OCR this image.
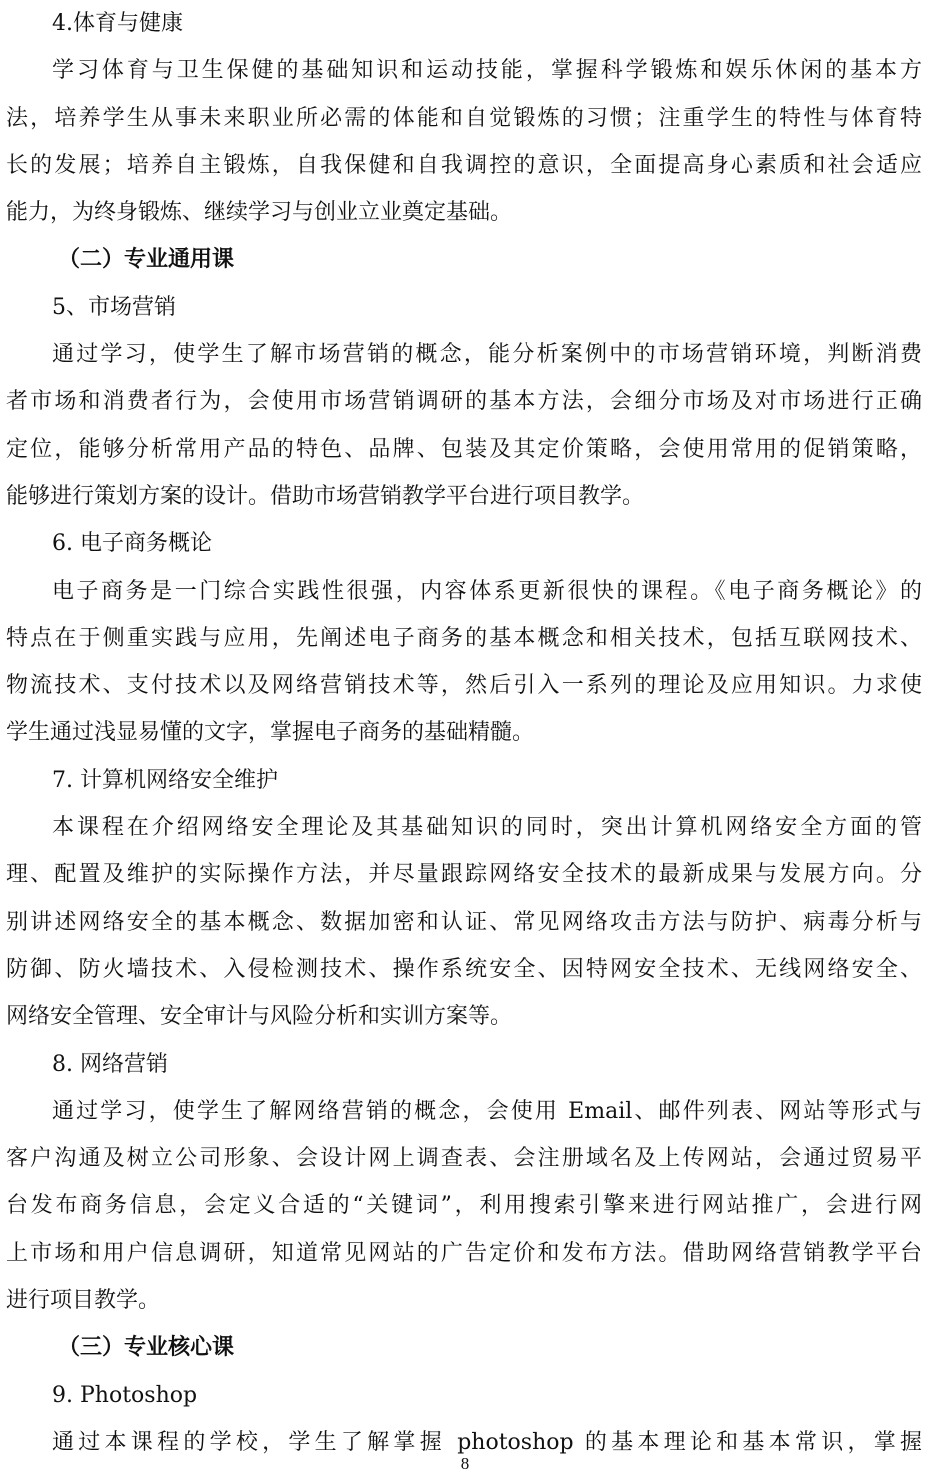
4.体育与健康
学习体育与卫生保健的基础知识和运动技能，掌握科学锻炼和娱乐休闲的基本方
法，培养学生从事未来职业所必需的体能和自觉锻炼的习惯；注重学生的特性与体育特
长的发展；培养自主锻炼，自我保健和自我调控的意识，全面提高身心素质和社会适应
能力，为终身锻炼、继续学习与创业立业奠定基础。
（二）专业通用课
5、市场营销
通过学习，使学生了解市场营销的概念，能分析案例中的市场营销环境，判断消费
者市场和消费者行为，会使用市场营销调研的基本方法，会细分市场及对市场进行正确
定位，能够分析常用产品的特色、品牌、包装及其定价策略，会使用常用的促销策略，
能够进行策划方案的设计。借助市场营销教学平台进行项目教学。
6. 电子商务概论
电子商务是一门综合实践性很强，内容体系更新很快的课程。《电子商务概论》的
特点在于侧重实践与应用，先阐述电子商务的基本概念和相关技术，包括互联网技术、
物流技术、支付技术以及网络营销技术等，然后引入一系列的理论及应用知识。力求使
学生通过浅显易懂的文字，掌握电子商务的基础精髓。
7. 计算机网络安全维护
本课程在介绍网络安全理论及其基础知识的同时，突出计算机网络安全方面的管
理、配置及维护的实际操作方法，并尽量跟踪网络安全技术的最新成果与发展方向。分
别讲述网络安全的基本概念、数据加密和认证、常见网络攻击方法与防护、病毒分析与
防御、防火墙技术、入侵检测技术、操作系统安全、因特网安全技术、无线网络安全、
网络安全管理、安全审计与风险分析和实训方案等。
8. 网络营销
通过学习，使学生了解网络营销的概念，会使用 Email、邮件列表、网站等形式与
客户沟通及树立公司形象、会设计网上调查表、会注册域名及上传网站，会通过贸易平
台发布商务信息，会定义合适的“关键词”，利用搜索引擎来进行网站推广，会进行网
上市场和用户信息调研，知道常见网站的广告定价和发布方法。借助网络营销教学平台
进行项目教学。
（三）专业核心课
9. Photoshop
通过本课程的学校，学生了解掌握 photoshop 的基本理论和基本常识，掌握
8
